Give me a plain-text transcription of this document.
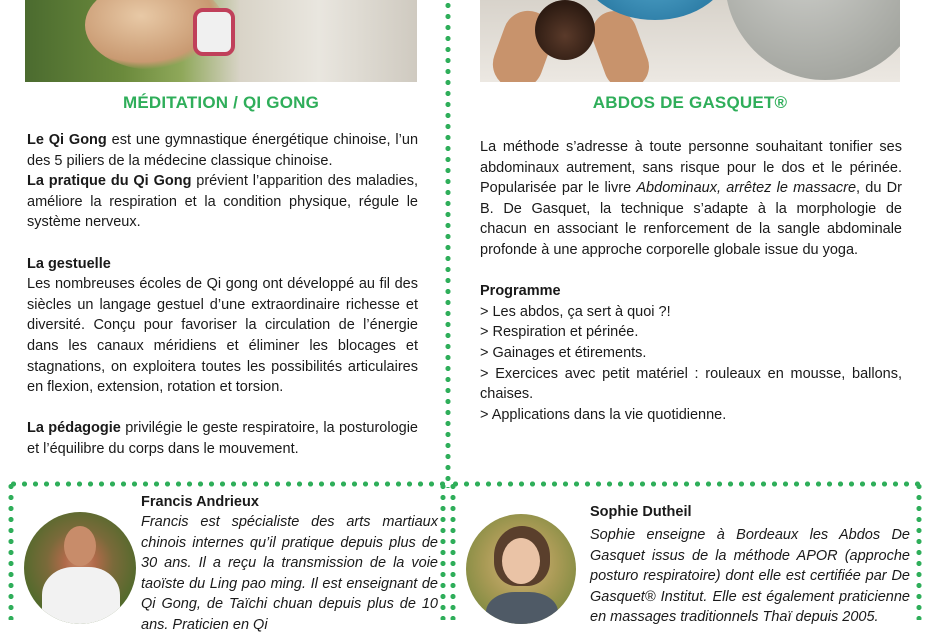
MÉDITATION / QI GONG

Le Qi Gong est une gymnastique énergétique chinoise, l’un des 5 piliers de la médecine classique chinoise.

La pratique du Qi Gong prévient l’apparition des maladies, améliore la respiration et la condition physique, régule le système nerveux.

La gestuelle

Les nombreuses écoles de Qi gong ont développé au fil des siècles un langage gestuel d’une extraordinaire richesse et diversité. Conçu pour favoriser la circulation de l’énergie dans les canaux méridiens et éliminer les blocages et stagnations, on exploitera toutes les possibilités articulaires en flexion, extension, rotation et torsion.

La pédagogie privilégie le geste respiratoire, la posturologie et l’équilibre du corps dans le mouvement.

ABDOS DE GASQUET®

La méthode s’adresse à toute personne souhaitant tonifier ses abdominaux autrement, sans risque pour le dos et le périnée. Popularisée par le livre Abdominaux, arrêtez le massacre, du Dr B. De Gasquet, la technique s’adapte à la morphologie de chacun en associant le renforcement de la sangle abdominale profonde à une approche corporelle globale issue du yoga.

Programme

> Les abdos, ça sert à quoi ?!

> Respiration et périnée.

> Gainages et étirements.

> Exercices avec petit matériel : rouleaux en mousse, ballons, chaises.

> Applications dans la vie quotidienne.

Francis Andrieux
Francis est spécialiste des arts martiaux chinois internes qu’il pratique depuis plus de 30 ans. Il a reçu la transmission de la voie taoïste du Ling pao ming. Il est enseignant de Qi Gong, de Taïchi chuan depuis plus de 10 ans. Praticien en Qi
Sophie Dutheil
Sophie enseigne à Bordeaux les Abdos De Gasquet issus de la méthode APOR (approche posturo respiratoire) dont elle est certifiée par De Gasquet® Institut. Elle est également praticienne en massages traditionnels Thaï depuis 2005.
